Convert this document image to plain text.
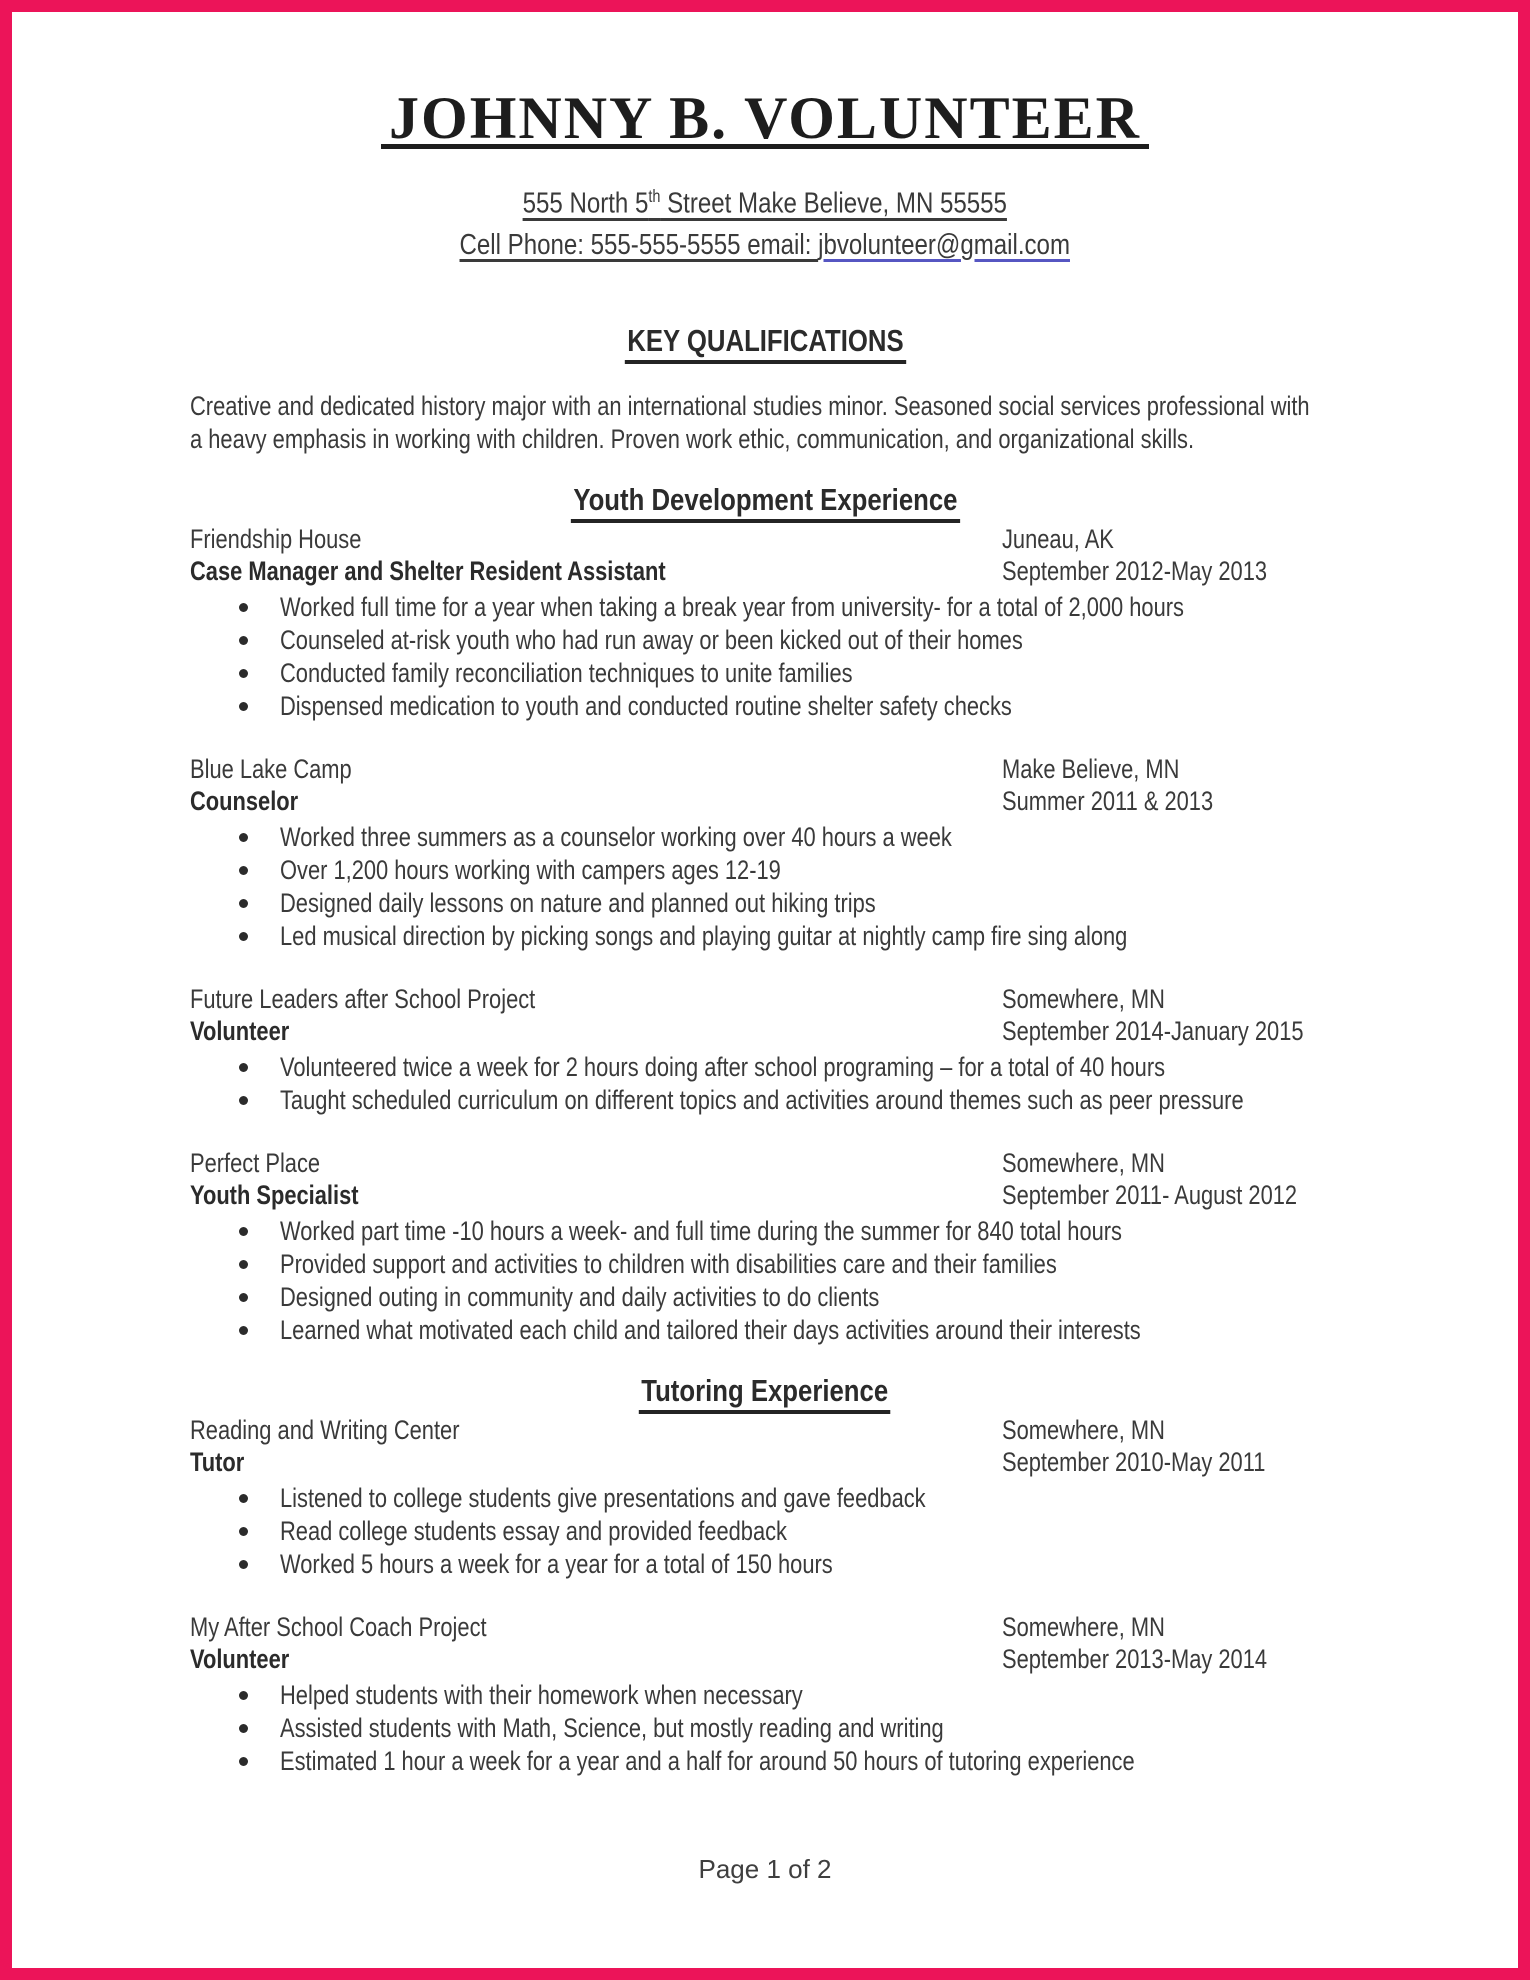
JOHNNY B. VOLUNTEER
555 North 5th Street Make Believe, MN 55555
Cell Phone: 555-555-5555 email: jbvolunteer@gmail.com
KEY QUALIFICATIONS
Creative and dedicated history major with an international studies minor. Seasoned social services professional with
a heavy emphasis in working with children. Proven work ethic, communication, and organizational skills.
Youth Development Experience
Friendship House	Juneau, AK
Case Manager and Shelter Resident Assistant	September 2012-May 2013
Worked full time for a year when taking a break year from university- for a total of 2,000 hours
Counseled at-risk youth who had run away or been kicked out of their homes
Conducted family reconciliation techniques to unite families
Dispensed medication to youth and conducted routine shelter safety checks
Blue Lake Camp	Make Believe, MN
Counselor	Summer 2011 & 2013
Worked three summers as a counselor working over 40 hours a week
Over 1,200 hours working with campers ages 12-19
Designed daily lessons on nature and planned out hiking trips
Led musical direction by picking songs and playing guitar at nightly camp fire sing along
Future Leaders after School Project	Somewhere, MN
Volunteer	September 2014-January 2015
Volunteered twice a week for 2 hours doing after school programing – for a total of 40 hours
Taught scheduled curriculum on different topics and activities around themes such as peer pressure
Perfect Place	Somewhere, MN
Youth Specialist	September 2011- August 2012
Worked part time -10 hours a week- and full time during the summer for 840 total hours
Provided support and activities to children with disabilities care and their families
Designed outing in community and daily activities to do clients
Learned what motivated each child and tailored their days activities around their interests
Tutoring Experience
Reading and Writing Center	Somewhere, MN
Tutor	September 2010-May 2011
Listened to college students give presentations and gave feedback
Read college students essay and provided feedback
Worked 5 hours a week for a year for a total of 150 hours
My After School Coach Project	Somewhere, MN
Volunteer	September 2013-May 2014
Helped students with their homework when necessary
Assisted students with Math, Science, but mostly reading and writing
Estimated 1 hour a week for a year and a half for around 50 hours of tutoring experience
Page 1 of 2
